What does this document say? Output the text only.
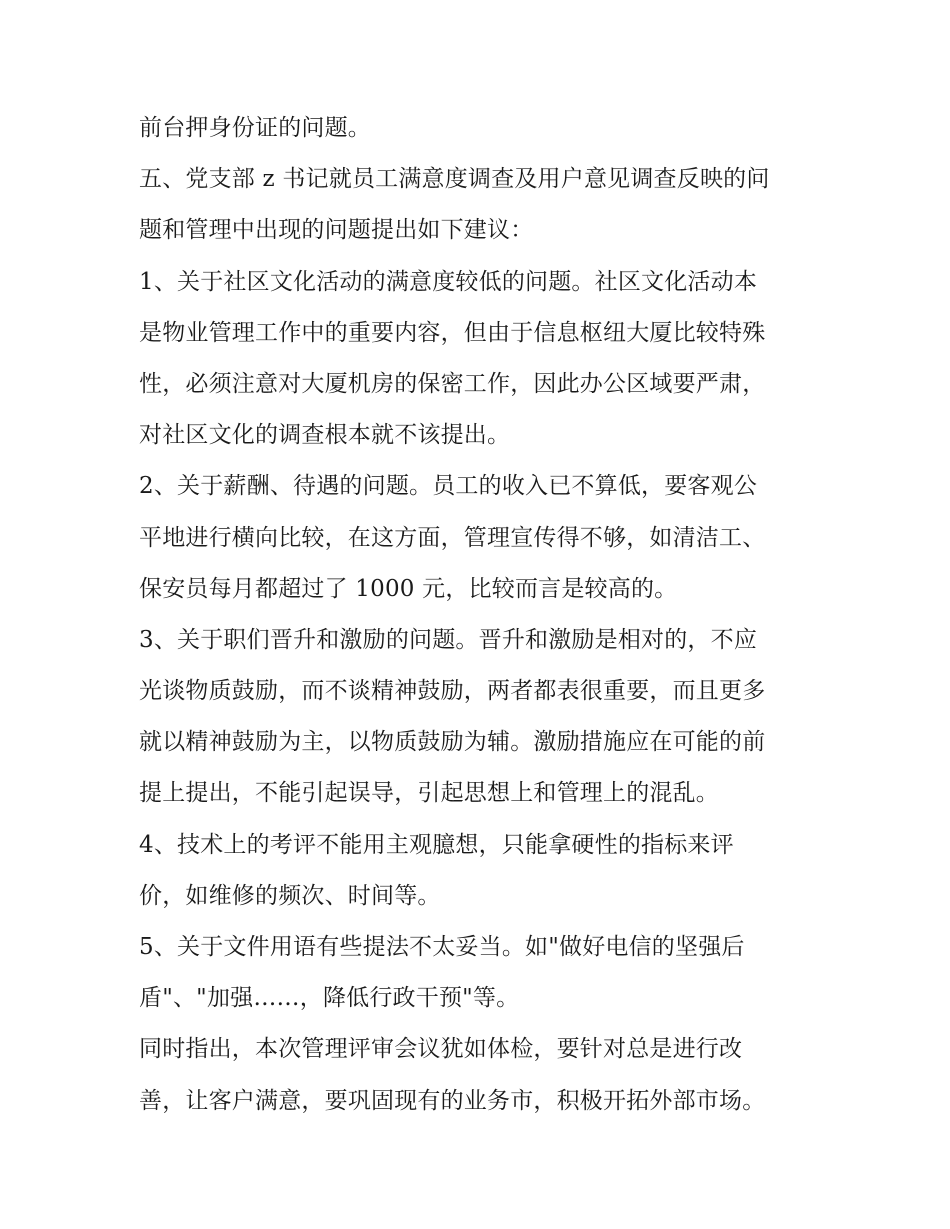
前台押身份证的问题。

五、党支部 z 书记就员工满意度调查及用户意见调查反映的问

题和管理中出现的问题提出如下建议：

1、关于社区文化活动的满意度较低的问题。社区文化活动本

是物业管理工作中的重要内容，但由于信息枢纽大厦比较特殊

性，必须注意对大厦机房的保密工作，因此办公区域要严肃，

对社区文化的调查根本就不该提出。

2、关于薪酬、待遇的问题。员工的收入已不算低，要客观公

平地进行横向比较，在这方面，管理宣传得不够，如清洁工、

保安员每月都超过了 1000 元，比较而言是较高的。

3、关于职们晋升和激励的问题。晋升和激励是相对的，不应

光谈物质鼓励，而不谈精神鼓励，两者都表很重要，而且更多

就以精神鼓励为主，以物质鼓励为辅。激励措施应在可能的前

提上提出，不能引起误导，引起思想上和管理上的混乱。

4、技术上的考评不能用主观臆想，只能拿硬性的指标来评

价，如维修的频次、时间等。

5、关于文件用语有些提法不太妥当。如"做好电信的坚强后

盾"、"加强……，降低行政干预"等。

同时指出，本次管理评审会议犹如体检，要针对总是进行改

善，让客户满意，要巩固现有的业务市，积极开拓外部市场。
